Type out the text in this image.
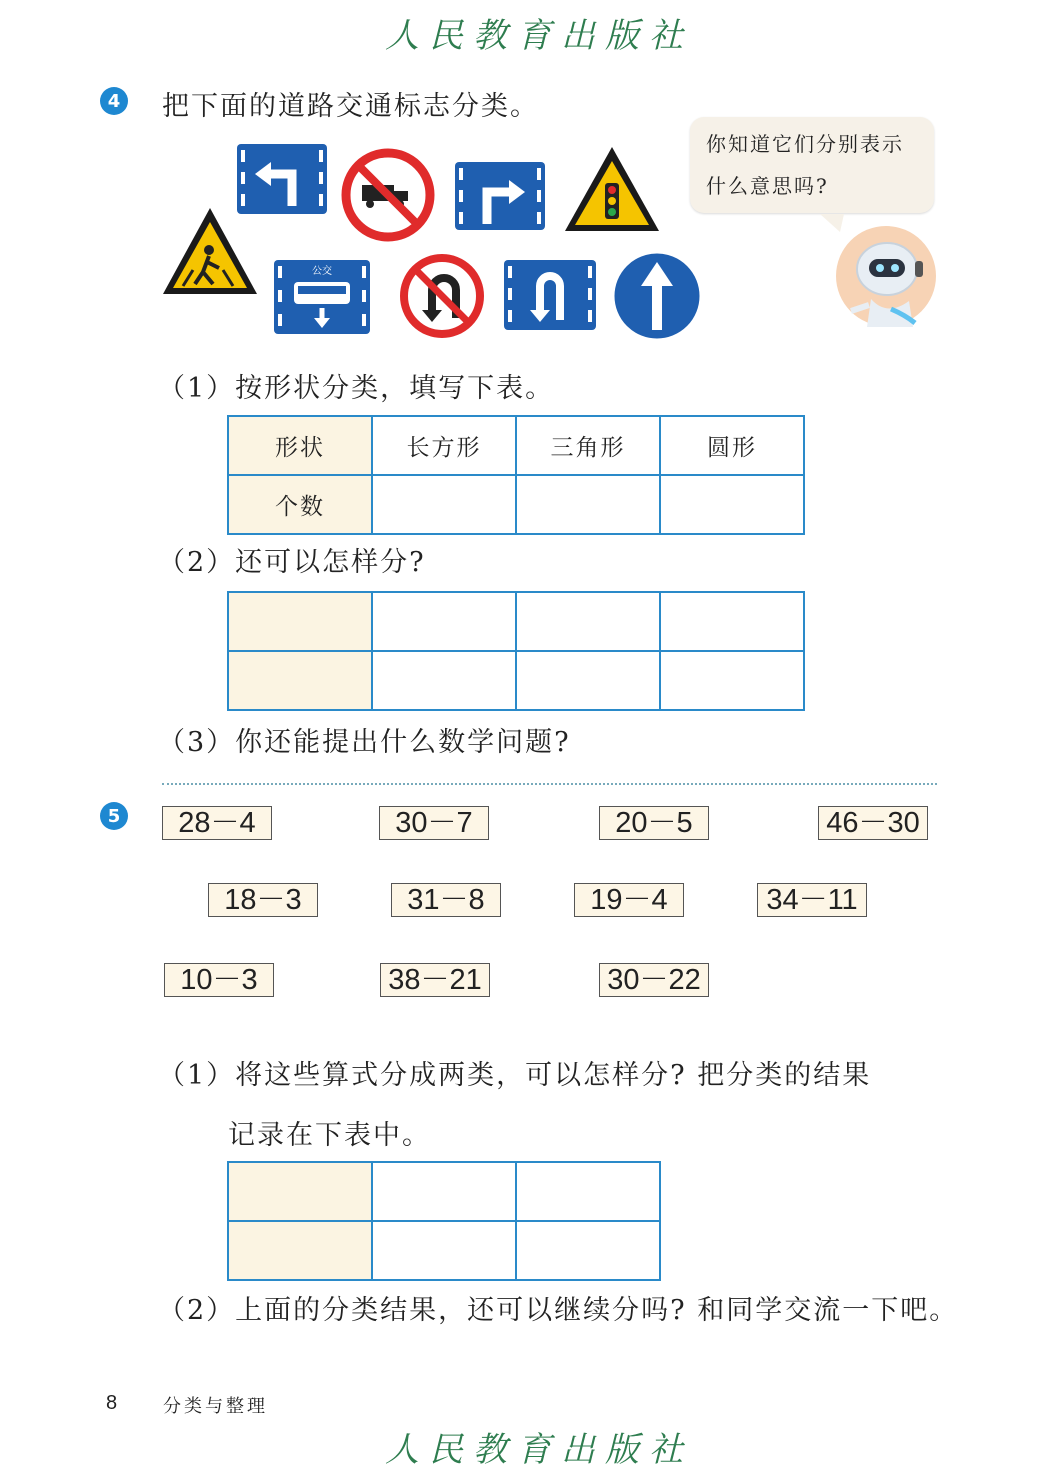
人民教育出版社
4 把下面的道路交通标志分类。
公交
你知道它们分别表示
什么意思吗?
（1）按形状分类，填写下表。
形状	长方形	三角形	圆形
个数			
（2）还可以怎样分?

（3）你还能提出什么数学问题?
5	28－4	30－7	20－5	46－30
18－3	31－8	19－4	34－11
10－3	38－21	30－22
（1）将这些算式分成两类，可以怎样分? 把分类的结果
记录在下表中。

（2）上面的分类结果，还可以继续分吗? 和同学交流一下吧。
8	分类与整理
人民教育出版社
